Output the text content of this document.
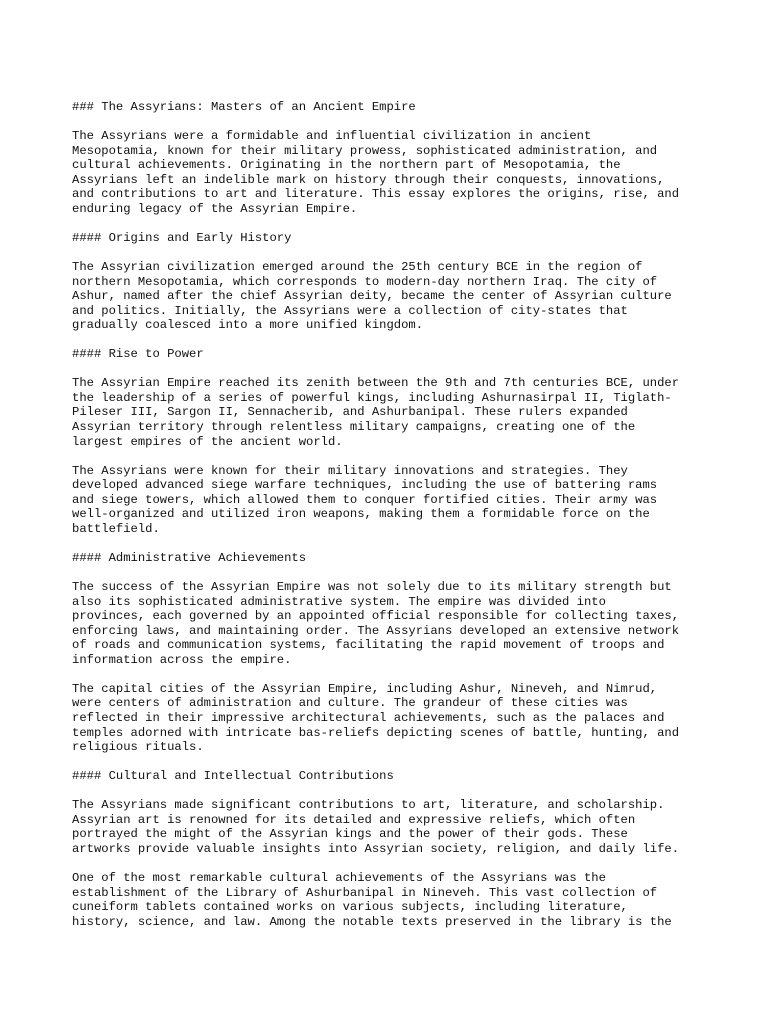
### The Assyrians: Masters of an Ancient Empire
The Assyrians were a formidable and influential civilization in ancient
Mesopotamia, known for their military prowess, sophisticated administration, and
cultural achievements. Originating in the northern part of Mesopotamia, the
Assyrians left an indelible mark on history through their conquests, innovations,
and contributions to art and literature. This essay explores the origins, rise, and
enduring legacy of the Assyrian Empire.
#### Origins and Early History
The Assyrian civilization emerged around the 25th century BCE in the region of
northern Mesopotamia, which corresponds to modern-day northern Iraq. The city of
Ashur, named after the chief Assyrian deity, became the center of Assyrian culture
and politics. Initially, the Assyrians were a collection of city-states that
gradually coalesced into a more unified kingdom.
#### Rise to Power
The Assyrian Empire reached its zenith between the 9th and 7th centuries BCE, under
the leadership of a series of powerful kings, including Ashurnasirpal II, Tiglath-
Pileser III, Sargon II, Sennacherib, and Ashurbanipal. These rulers expanded
Assyrian territory through relentless military campaigns, creating one of the
largest empires of the ancient world.
The Assyrians were known for their military innovations and strategies. They
developed advanced siege warfare techniques, including the use of battering rams
and siege towers, which allowed them to conquer fortified cities. Their army was
well-organized and utilized iron weapons, making them a formidable force on the
battlefield.
#### Administrative Achievements
The success of the Assyrian Empire was not solely due to its military strength but
also its sophisticated administrative system. The empire was divided into
provinces, each governed by an appointed official responsible for collecting taxes,
enforcing laws, and maintaining order. The Assyrians developed an extensive network
of roads and communication systems, facilitating the rapid movement of troops and
information across the empire.
The capital cities of the Assyrian Empire, including Ashur, Nineveh, and Nimrud,
were centers of administration and culture. The grandeur of these cities was
reflected in their impressive architectural achievements, such as the palaces and
temples adorned with intricate bas-reliefs depicting scenes of battle, hunting, and
religious rituals.
#### Cultural and Intellectual Contributions
The Assyrians made significant contributions to art, literature, and scholarship.
Assyrian art is renowned for its detailed and expressive reliefs, which often
portrayed the might of the Assyrian kings and the power of their gods. These
artworks provide valuable insights into Assyrian society, religion, and daily life.
One of the most remarkable cultural achievements of the Assyrians was the
establishment of the Library of Ashurbanipal in Nineveh. This vast collection of
cuneiform tablets contained works on various subjects, including literature,
history, science, and law. Among the notable texts preserved in the library is the
